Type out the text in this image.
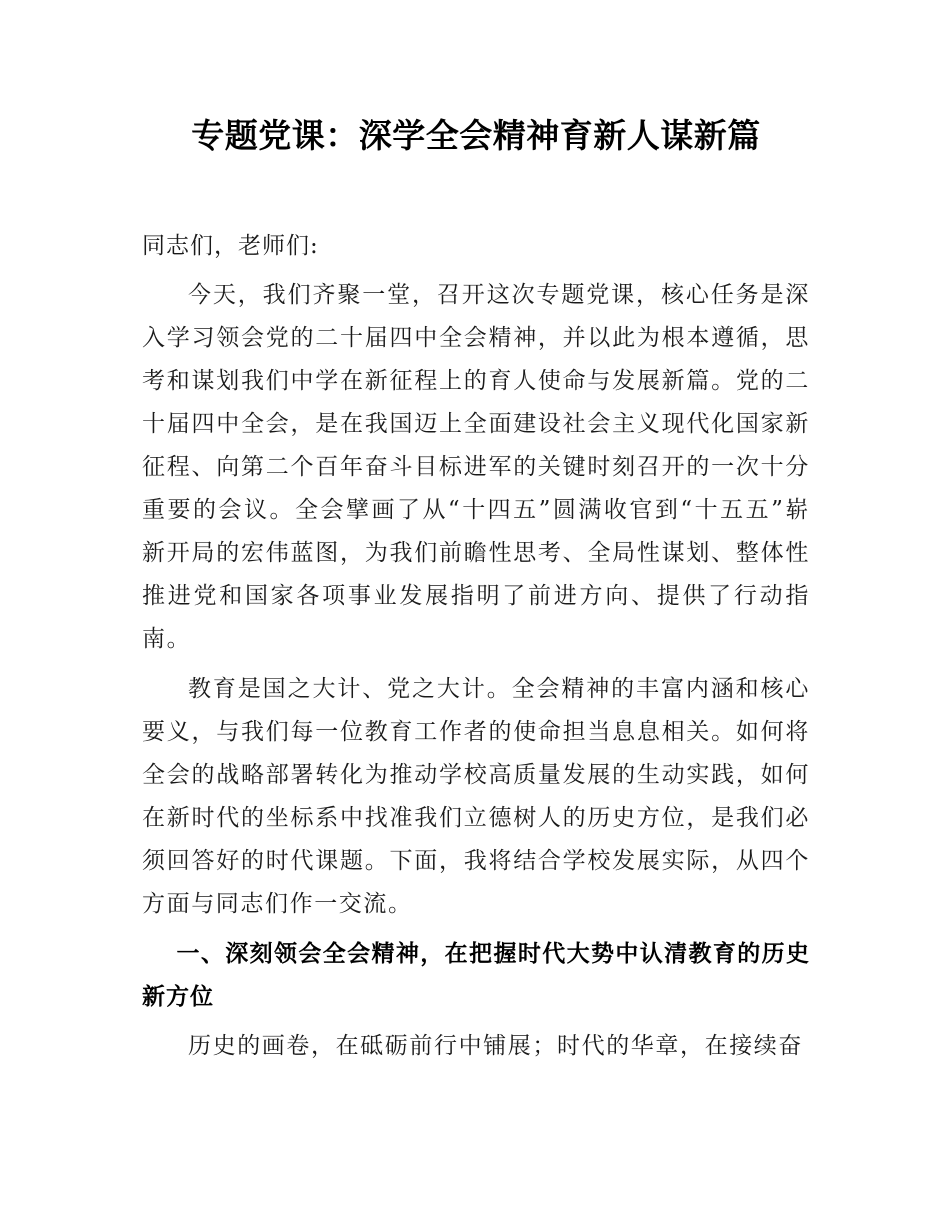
专题党课：深学全会精神育新人谋新篇

同志们，老师们:

今天，我们齐聚一堂，召开这次专题党课，核心任务是深入学习领会党的二十届四中全会精神，并以此为根本遵循，思考和谋划我们中学在新征程上的育人使命与发展新篇。党的二十届四中全会，是在我国迈上全面建设社会主义现代化国家新征程、向第二个百年奋斗目标进军的关键时刻召开的一次十分重要的会议。全会擘画了从“十四五”圆满收官到“十五五”崭新开局的宏伟蓝图，为我们前瞻性思考、全局性谋划、整体性推进党和国家各项事业发展指明了前进方向、提供了行动指南。

教育是国之大计、党之大计。全会精神的丰富内涵和核心要义，与我们每一位教育工作者的使命担当息息相关。如何将全会的战略部署转化为推动学校高质量发展的生动实践，如何在新时代的坐标系中找准我们立德树人的历史方位，是我们必须回答好的时代课题。下面，我将结合学校发展实际，从四个方面与同志们作一交流。

一、深刻领会全会精神，在把握时代大势中认清教育的历史新方位

历史的画卷，在砥砺前行中铺展；时代的华章，在接续奋
